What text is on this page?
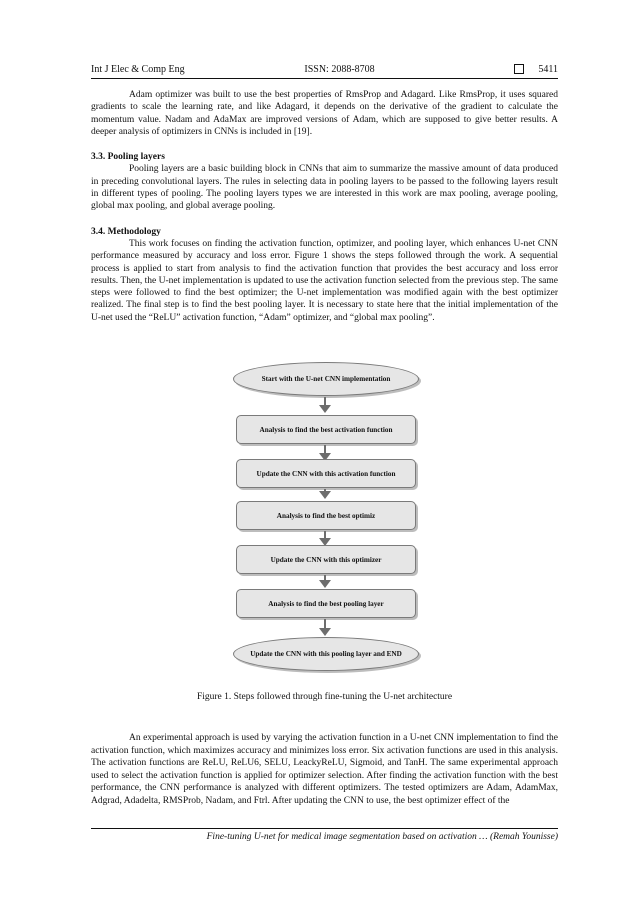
Int J Elec & Comp Eng	ISSN: 2088-8708	5411

Adam optimizer was built to use the best properties of RmsProp and Adagard. Like RmsProp, it uses squared gradients to scale the learning rate, and like Adagard, it depends on the derivative of the gradient to calculate the momentum value. Nadam and AdaMax are improved versions of Adam, which are supposed to give better results. A deeper analysis of optimizers in CNNs is included in [19].

3.3. Pooling layers

Pooling layers are a basic building block in CNNs that aim to summarize the massive amount of data produced in preceding convolutional layers. The rules in selecting data in pooling layers to be passed to the following layers result in different types of pooling. The pooling layers types we are interested in this work are max pooling, average pooling, global max pooling, and global average pooling.

3.4. Methodology

This work focuses on finding the activation function, optimizer, and pooling layer, which enhances U-net CNN performance measured by accuracy and loss error. Figure 1 shows the steps followed through the work. A sequential process is applied to start from analysis to find the activation function that provides the best accuracy and loss error results. Then, the U-net implementation is updated to use the activation function selected from the previous step. The same steps were followed to find the best optimizer; the U-net implementation was modified again with the best optimizer realized. The final step is to find the best pooling layer. It is necessary to state here that the initial implementation of the U-net used the “ReLU” activation function, “Adam” optimizer, and “global max pooling”.

Start with the U-net CNN implementation
Analysis to find the best activation function
Update the CNN with this activation function
Analysis to find the best optimiz
Update the CNN with this optimizer
Analysis to find the best pooling layer
Update the CNN with this pooling layer and END
Figure 1. Steps followed through fine-tuning the U-net architecture

An experimental approach is used by varying the activation function in a U-net CNN implementation to find the activation function, which maximizes accuracy and minimizes loss error. Six activation functions are used in this analysis. The activation functions are ReLU, ReLU6, SELU, LeackyReLU, Sigmoid, and TanH. The same experimental approach used to select the activation function is applied for optimizer selection. After finding the activation function with the best performance, the CNN performance is analyzed with different optimizers. The tested optimizers are Adam, AdamMax, Adgrad, Adadelta, RMSProb, Nadam, and Ftrl. After updating the CNN to use, the best optimizer effect of the

Fine-tuning U-net for medical image segmentation based on activation … (Remah Younisse)
